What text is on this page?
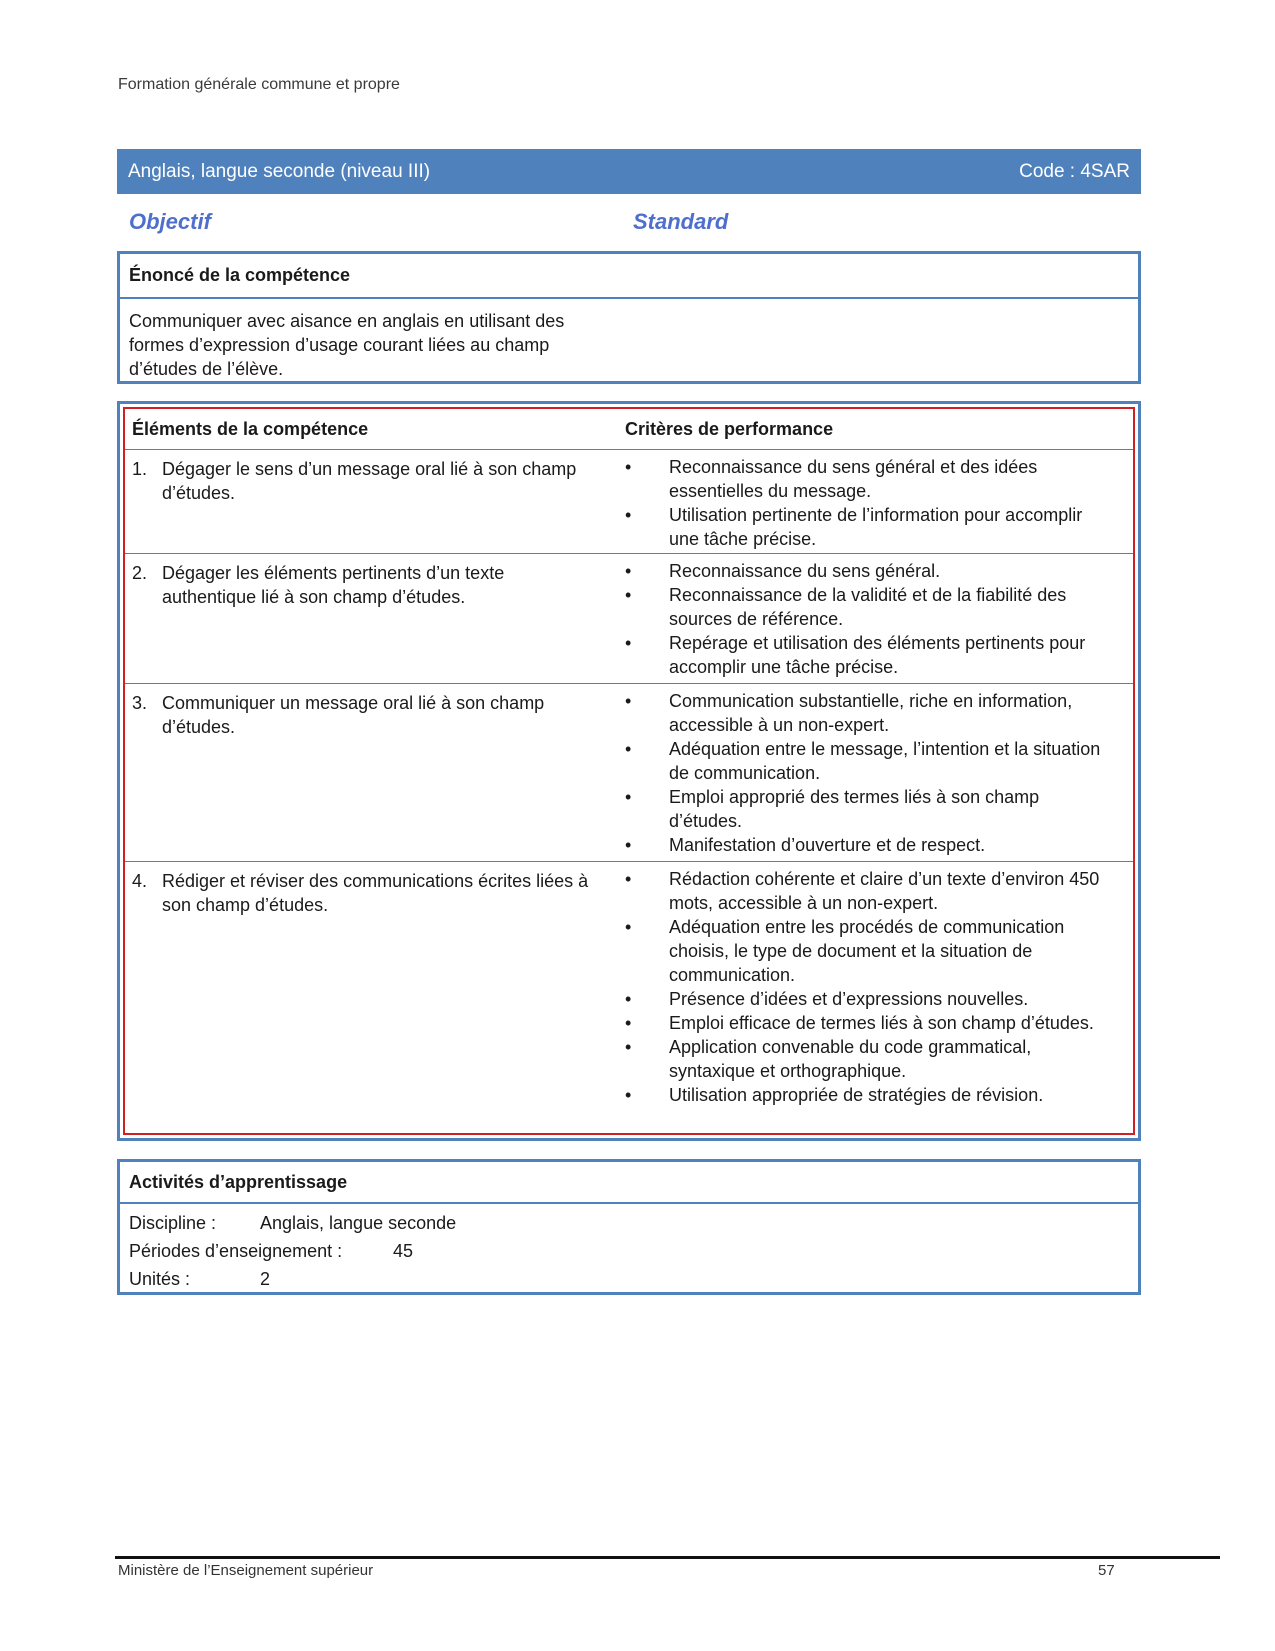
Formation générale commune et propre
Anglais, langue seconde (niveau III)	Code : 4SAR
Objectif	Standard
Énoncé de la compétence
Communiquer avec aisance en anglais en utilisant des formes d’expression d’usage courant liées au champ d’études de l’élève.
Éléments de la compétence	Critères de performance
1. Dégager le sens d’un message oral lié à son champ d’études.
• Reconnaissance du sens général et des idées essentielles du message.
• Utilisation pertinente de l’information pour accomplir une tâche précise.
2. Dégager les éléments pertinents d’un texte authentique lié à son champ d’études.
• Reconnaissance du sens général.
• Reconnaissance de la validité et de la fiabilité des sources de référence.
• Repérage et utilisation des éléments pertinents pour accomplir une tâche précise.
3. Communiquer un message oral lié à son champ d’études.
• Communication substantielle, riche en information, accessible à un non-expert.
• Adéquation entre le message, l’intention et la situation de communication.
• Emploi approprié des termes liés à son champ d’études.
• Manifestation d’ouverture et de respect.
4. Rédiger et réviser des communications écrites liées à son champ d’études.
• Rédaction cohérente et claire d’un texte d’environ 450 mots, accessible à un non-expert.
• Adéquation entre les procédés de communication choisis, le type de document et la situation de communication.
• Présence d’idées et d’expressions nouvelles.
• Emploi efficace de termes liés à son champ d’études.
• Application convenable du code grammatical, syntaxique et orthographique.
• Utilisation appropriée de stratégies de révision.
Activités d’apprentissage
Discipline : Anglais, langue seconde
Périodes d’enseignement :	45
Unités :	2
Ministère de l’Enseignement supérieur	57
